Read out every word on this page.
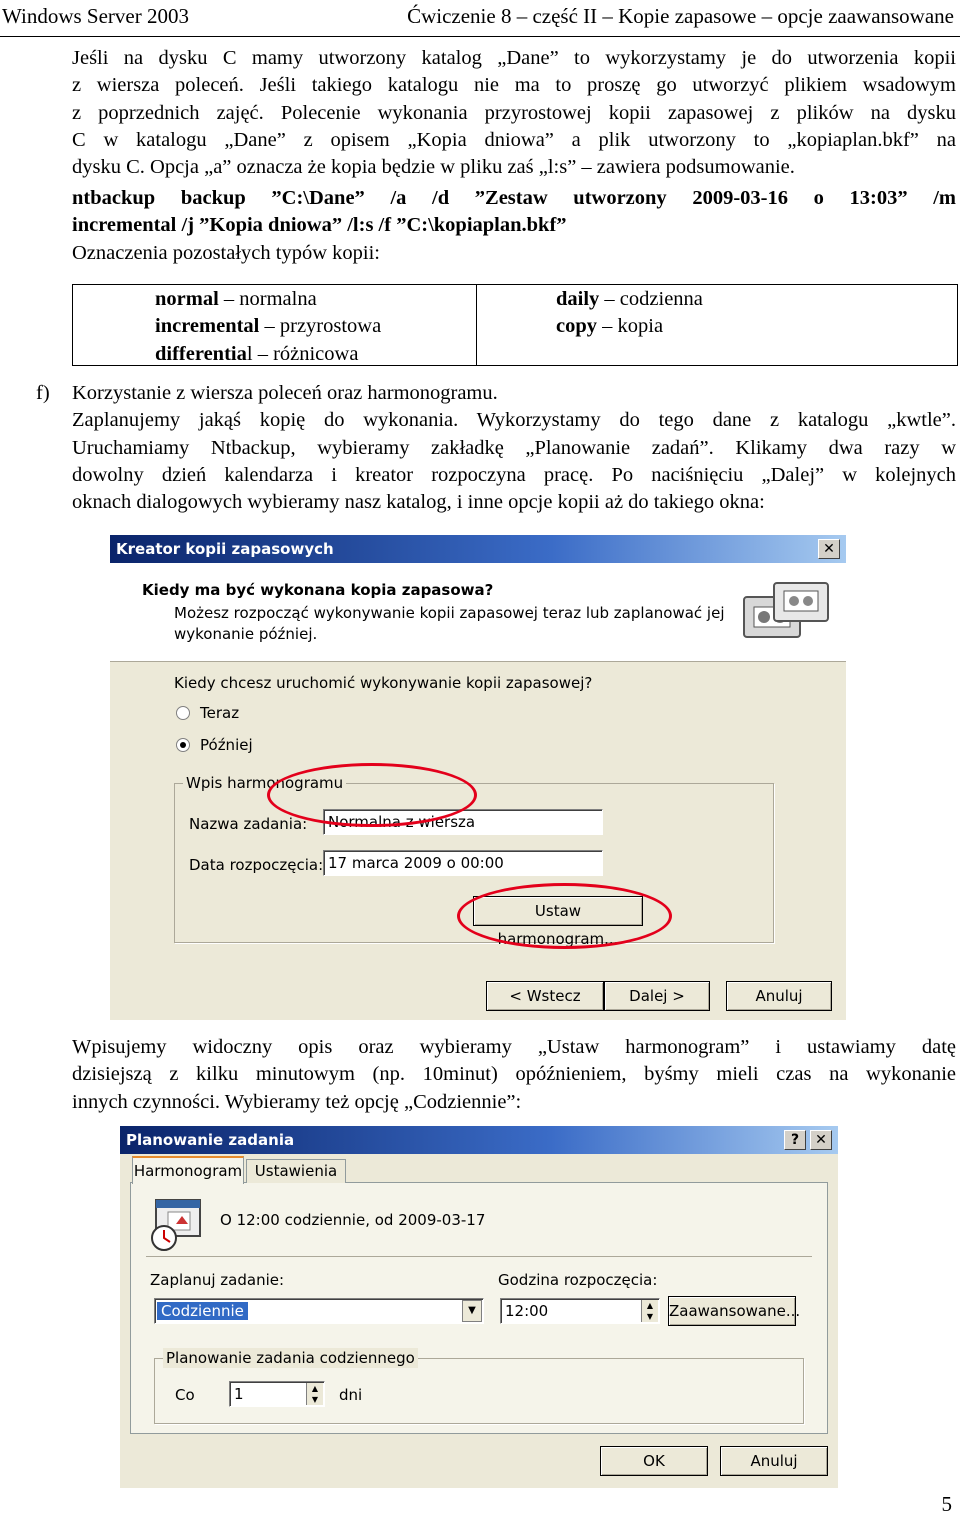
Windows Server 2003	Ćwiczenie 8 – część II – Kopie zapasowe – opcje zaawansowane
Jeśli na dysku C mamy utworzony katalog „Dane” to wykorzystamy je do utworzenia kopii
z wiersza poleceń. Jeśli takiego katalogu nie ma to proszę go utworzyć plikiem wsadowym
z poprzednich zajęć. Polecenie wykonania przyrostowej kopii zapasowej z plików na dysku
C w katalogu „Dane” z opisem „Kopia dniowa” a plik utworzony to „kopiaplan.bkf” na
dysku C. Opcja „a” oznacza że kopia będzie w pliku zaś „l:s” – zawiera podsumowanie.
ntbackup backup ”C:\Dane” /a /d ”Zestaw utworzony 2009-03-16 o 13:03” /m
incremental /j ”Kopia dniowa” /l:s /f ”C:\kopiaplan.bkf”
Oznaczenia pozostałych typów kopii:
normal – normalna
incremental – przyrostowa
differential – różnicowa
daily – codzienna
copy – kopia
f) Korzystanie z wiersza poleceń oraz harmonogramu.
Zaplanujemy jakąś kopię do wykonania. Wykorzystamy do tego dane z katalogu „kwtle”.
Uruchamiamy Ntbackup, wybieramy zakładkę „Planowanie zadań”. Klikamy dwa razy w
dowolny dzień kalendarza i kreator rozpoczyna pracę. Po naciśnięciu „Dalej” w kolejnych
oknach dialogowych wybieramy nasz katalog, i inne opcje kopii aż do takiego okna:
Kreator kopii zapasowych	✕
Kiedy ma być wykonana kopia zapasowa?
Możesz rozpocząć wykonywanie kopii zapasowej teraz lub zaplanować jej wykonanie później.
Kiedy chcesz uruchomić wykonywanie kopii zapasowej?
Teraz
Później
Wpis harmonogramu
Nazwa zadania:	Normalna z wiersza
Data rozpoczęcia: 17 marca 2009 o 00:00
Ustaw harmonogram...
< Wstecz	Dalej >	Anuluj
Wpisujemy widoczny opis oraz wybieramy „Ustaw harmonogram” i ustawiamy datę
dzisiejszą z kilku minutowym (np. 10minut) opóźnieniem, byśmy mieli czas na wykonanie
innych czynności. Wybieramy też opcję „Codziennie”:
Planowanie zadania	?	✕
Harmonogram Ustawienia
O 12:00 codziennie, od 2009-03-17
Zaplanuj zadanie:
Codziennie	▼
Godzina rozpoczęcia:
12:00	▲
▼	Zaawansowane...
Planowanie zadania codziennego
Co	1	▲
▼	dni
OK	Anuluj
5
